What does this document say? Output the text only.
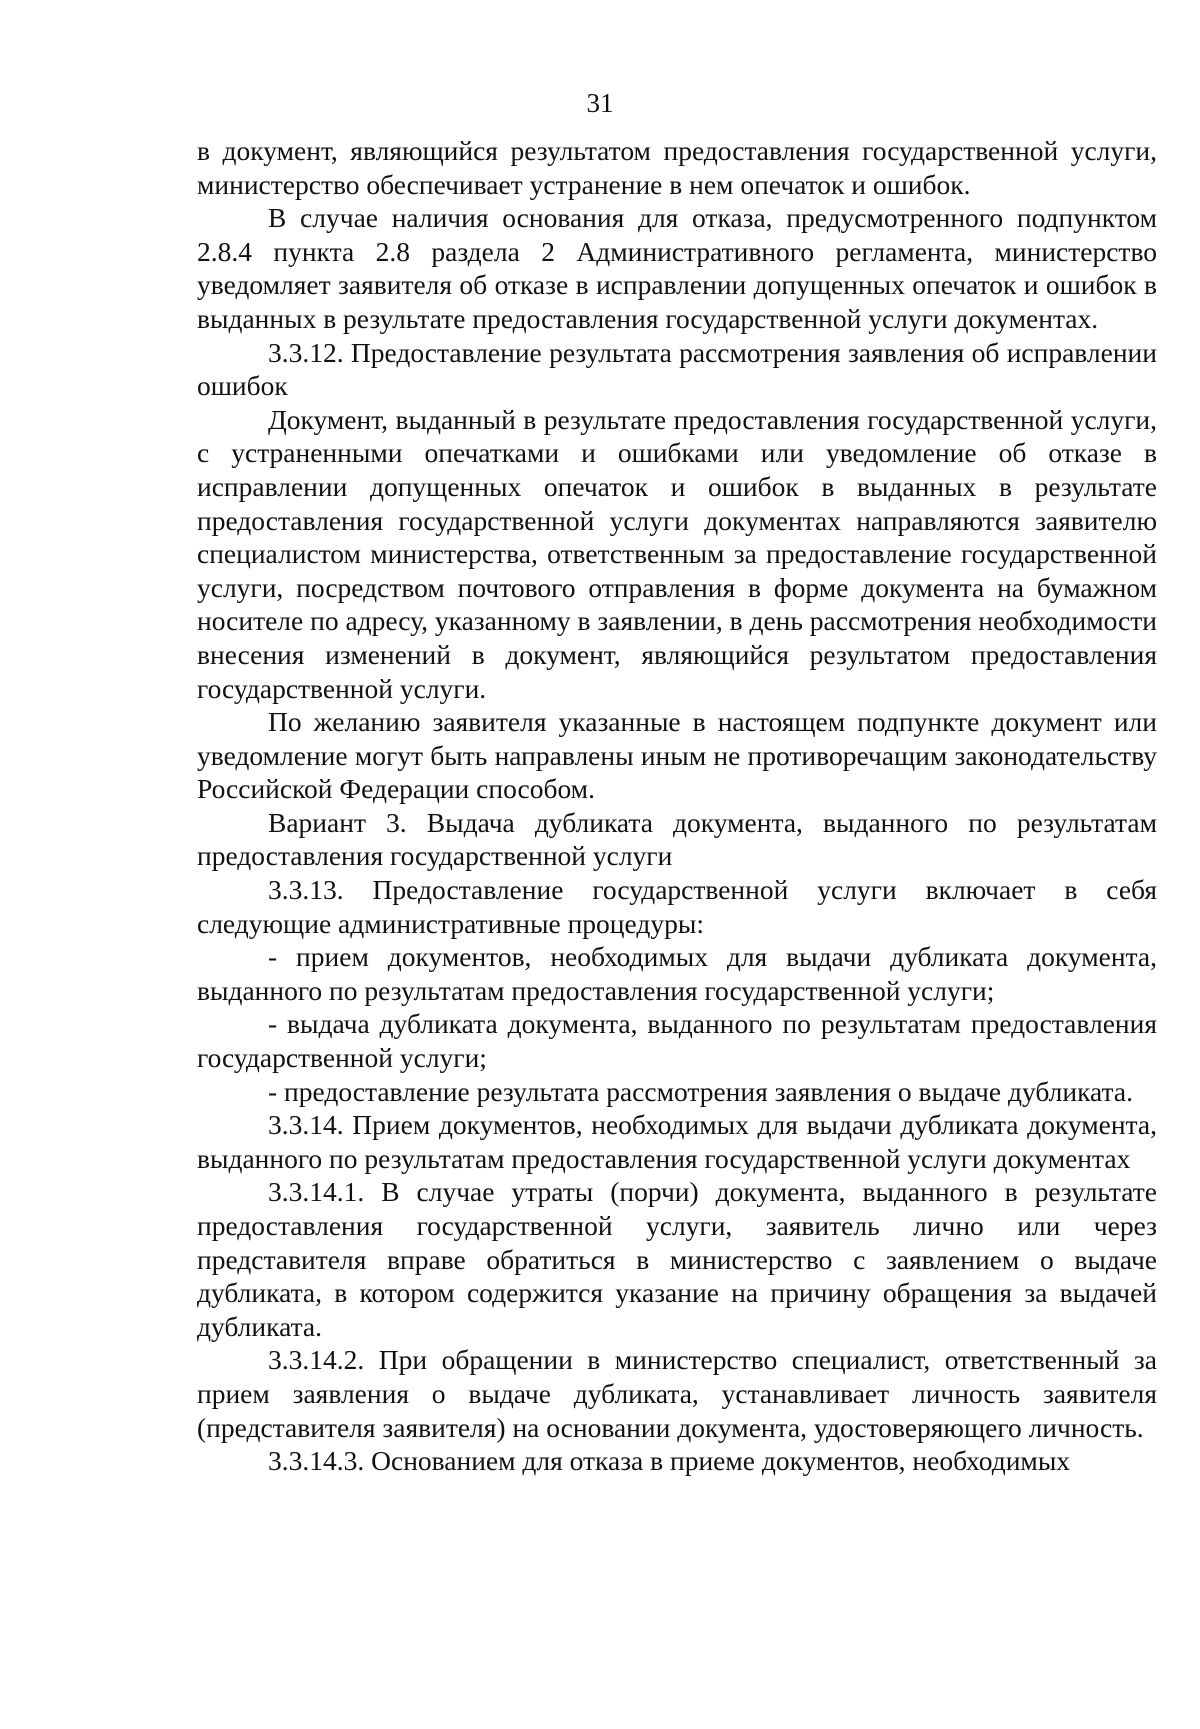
31

в документ, являющийся результатом предоставления государственной услуги, министерство обеспечивает устранение в нем опечаток и ошибок.

В случае наличия основания для отказа, предусмотренного подпунктом 2.8.4 пункта 2.8 раздела 2 Административного регламента, министерство уведомляет заявителя об отказе в исправлении допущенных опечаток и ошибок в выданных в результате предоставления государственной услуги документах.

3.3.12. Предоставление результата рассмотрения заявления об исправлении ошибок

Документ, выданный в результате предоставления государственной услуги, с устраненными опечатками и ошибками или уведомление об отказе в исправлении допущенных опечаток и ошибок в выданных в результате предоставления государственной услуги документах направляются заявителю специалистом министерства, ответственным за предоставление государственной услуги, посредством почтового отправления в форме документа на бумажном носителе по адресу, указанному в заявлении, в день рассмотрения необходимости внесения изменений в документ, являющийся результатом предоставления государственной услуги.

По желанию заявителя указанные в настоящем подпункте документ или уведомление могут быть направлены иным не противоречащим законодательству Российской Федерации способом.

Вариант 3. Выдача дубликата документа, выданного по результатам предоставления государственной услуги

3.3.13. Предоставление государственной услуги включает в себя следующие административные процедуры:

- прием документов, необходимых для выдачи дубликата документа, выданного по результатам предоставления государственной услуги;

- выдача дубликата документа, выданного по результатам предоставления государственной услуги;

- предоставление результата рассмотрения заявления о выдаче дубликата.

3.3.14. Прием документов, необходимых для выдачи дубликата документа, выданного по результатам предоставления государственной услуги документах

3.3.14.1. В случае утраты (порчи) документа, выданного в результате предоставления государственной услуги, заявитель лично или через представителя вправе обратиться в министерство с заявлением о выдаче дубликата, в котором содержится указание на причину обращения за выдачей дубликата.

3.3.14.2. При обращении в министерство специалист, ответственный за прием заявления о выдаче дубликата, устанавливает личность заявителя (представителя заявителя) на основании документа, удостоверяющего личность.

3.3.14.3. Основанием для отказа в приеме документов, необходимых
